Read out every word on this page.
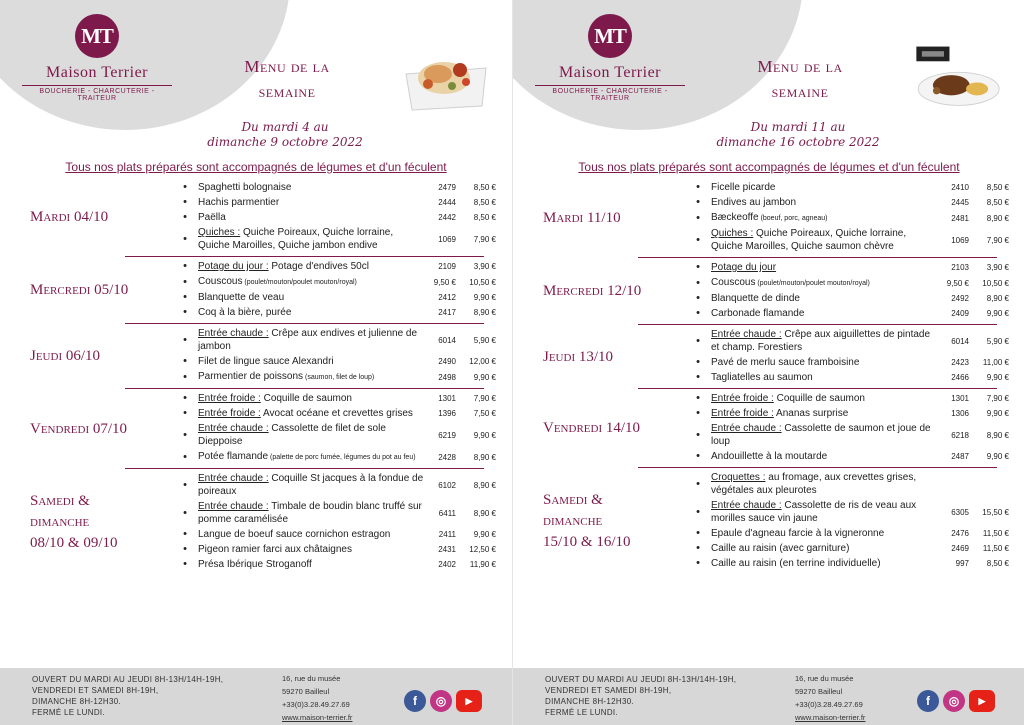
MT
Maison Terrier
BOUCHERIE - CHARCUTERIE - TRAITEUR
Menu de la
semaine
Du mardi 4 au
dimanche 9 octobre 2022
Tous nos plats préparés sont accompagnés de légumes et d'un féculent
Mardi 04/10
•	Spaghetti bolognaise	2479	8,50 €
•	Hachis parmentier	2444	8,50 €
•	Paëlla	2442	8,50 €
•	Quiches : Quiche Poireaux, Quiche lorraine, Quiche Maroilles, Quiche jambon endive
1069	7,90 €
Mercredi 05/10
•	Potage du jour : Potage d'endives 50cl	2109	3,90 €
•	Couscous (poulet/mouton/poulet mouton/royal)	9,50 €	10,50 €
•	Blanquette de veau	2412	9,90 €
•	Coq à la bière, purée	2417	8,90 €
Jeudi 06/10
•	Entrée chaude : Crêpe aux endives et julienne de jambon
6014	5,90 €
•	Filet de lingue sauce Alexandri	2490	12,00 €
•	Parmentier de poissons (saumon, filet de loup)	2498	9,90 €
Vendredi 07/10
•	Entrée froide : Coquille de saumon	1301	7,90 €
•	Entrée froide : Avocat océane et crevettes grises	1396	7,50 €
•	Entrée chaude : Cassolette de filet de sole Dieppoise
6219	9,90 €
•	Potée flamande (palette de porc fumée, légumes du pot au feu)	2428	8,90 €
Samedi &
dimanche
08/10 & 09/10
•	Entrée chaude : Coquille St jacques à la fondue de poireaux
6102	8,90 €
•	Entrée chaude : Timbale de boudin blanc truffé sur pomme caramélisée
6411	8,90 €
•	Langue de boeuf sauce cornichon estragon	2411	9,90 €
•	Pigeon ramier farci aux châtaignes	2431	12,50 €
•	Présa Ibérique Stroganoff	2402	11,90 €
OUVERT DU MARDI AU JEUDI 8H-13H/14H-19H,
VENDREDI ET SAMEDI 8H-19H,
DIMANCHE 8H-12H30.
FERMÉ LE LUNDI.
16, rue du musée
59270 Bailleul
+33(0)3.28.49.27.69
www.maison-terrier.fr
f	◎	▶
MT
Maison Terrier
BOUCHERIE - CHARCUTERIE - TRAITEUR
Menu de la
semaine
Du mardi 11 au
dimanche 16 octobre 2022
Tous nos plats préparés sont accompagnés de légumes et d'un féculent
Mardi 11/10
•	Ficelle picarde	2410	8,50 €
•	Endives au jambon	2445	8,50 €
•	Bæckeoffe (boeuf, porc, agneau)	2481	8,90 €
•	Quiches : Quiche Poireaux, Quiche lorraine, Quiche Maroilles, Quiche saumon chèvre
1069	7,90 €
Mercredi 12/10
•	Potage du jour	2103	3,90 €
•	Couscous (poulet/mouton/poulet mouton/royal)	9,50 €	10,50 €
•	Blanquette de dinde	2492	8,90 €
•	Carbonade flamande	2409	9,90 €
Jeudi 13/10
•	Entrée chaude : Crêpe aux aiguillettes de pintade et champ. Forestiers
6014	5,90 €
•	Pavé de merlu sauce framboisine	2423	11,00 €
•	Tagliatelles au saumon	2466	9,90 €
Vendredi 14/10
•	Entrée froide : Coquille de saumon	1301	7,90 €
•	Entrée froide : Ananas surprise	1306	9,90 €
•	Entrée chaude : Cassolette de saumon et joue de loup
6218	8,90 €
•	Andouillette à la moutarde	2487	9,90 €
Samedi &
dimanche
15/10 & 16/10
•	Croquettes : au fromage, aux crevettes grises, végétales aux pleurotes
•	Entrée chaude : Cassolette de ris de veau aux morilles sauce vin jaune
6305	15,50 €
•	Epaule d'agneau farcie à la vigneronne	2476	11,50 €
•	Caille au raisin (avec garniture)	2469	11,50 €
•	Caille au raisin (en terrine individuelle)	997	8,50 €
OUVERT DU MARDI AU JEUDI 8H-13H/14H-19H,
VENDREDI ET SAMEDI 8H-19H,
DIMANCHE 8H-12H30.
FERMÉ LE LUNDI.
16, rue du musée
59270 Bailleul
+33(0)3.28.49.27.69
www.maison-terrier.fr
f	◎	▶
